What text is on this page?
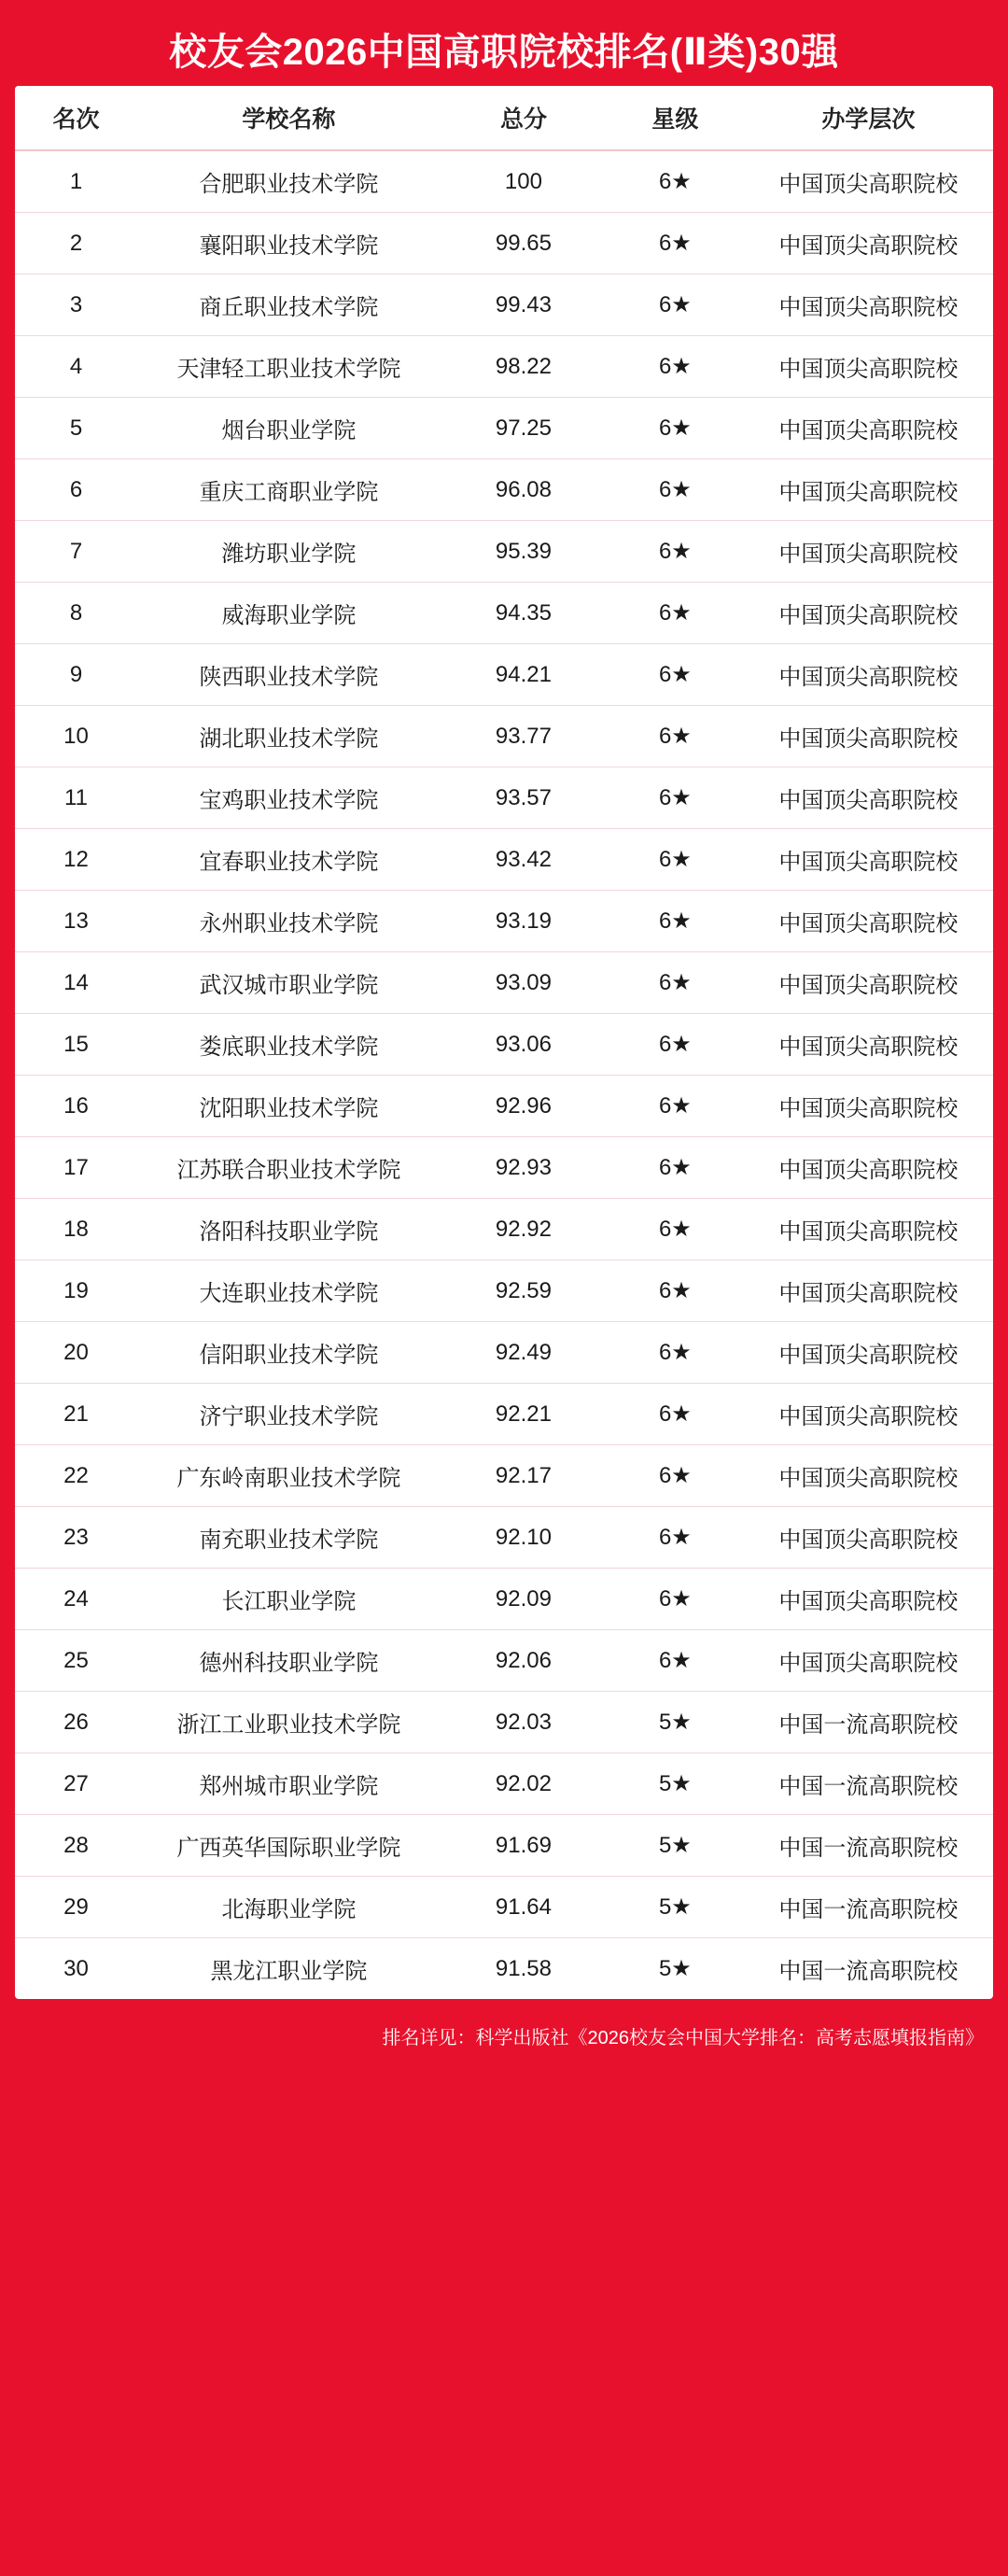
校友会2026中国高职院校排名(Ⅱ类)30强
名次	学校名称	总分	星级	办学层次
1	合肥职业技术学院	100	6★	中国顶尖高职院校
2	襄阳职业技术学院	99.65	6★	中国顶尖高职院校
3	商丘职业技术学院	99.43	6★	中国顶尖高职院校
4	天津轻工职业技术学院	98.22	6★	中国顶尖高职院校
5	烟台职业学院	97.25	6★	中国顶尖高职院校
6	重庆工商职业学院	96.08	6★	中国顶尖高职院校
7	潍坊职业学院	95.39	6★	中国顶尖高职院校
8	威海职业学院	94.35	6★	中国顶尖高职院校
9	陕西职业技术学院	94.21	6★	中国顶尖高职院校
10	湖北职业技术学院	93.77	6★	中国顶尖高职院校
11	宝鸡职业技术学院	93.57	6★	中国顶尖高职院校
12	宜春职业技术学院	93.42	6★	中国顶尖高职院校
13	永州职业技术学院	93.19	6★	中国顶尖高职院校
14	武汉城市职业学院	93.09	6★	中国顶尖高职院校
15	娄底职业技术学院	93.06	6★	中国顶尖高职院校
16	沈阳职业技术学院	92.96	6★	中国顶尖高职院校
17	江苏联合职业技术学院	92.93	6★	中国顶尖高职院校
18	洛阳科技职业学院	92.92	6★	中国顶尖高职院校
19	大连职业技术学院	92.59	6★	中国顶尖高职院校
20	信阳职业技术学院	92.49	6★	中国顶尖高职院校
21	济宁职业技术学院	92.21	6★	中国顶尖高职院校
22	广东岭南职业技术学院	92.17	6★	中国顶尖高职院校
23	南充职业技术学院	92.10	6★	中国顶尖高职院校
24	长江职业学院	92.09	6★	中国顶尖高职院校
25	德州科技职业学院	92.06	6★	中国顶尖高职院校
26	浙江工业职业技术学院	92.03	5★	中国一流高职院校
27	郑州城市职业学院	92.02	5★	中国一流高职院校
28	广西英华国际职业学院	91.69	5★	中国一流高职院校
29	北海职业学院	91.64	5★	中国一流高职院校
30	黑龙江职业学院	91.58	5★	中国一流高职院校
排名详见：科学出版社《2026校友会中国大学排名：高考志愿填报指南》
